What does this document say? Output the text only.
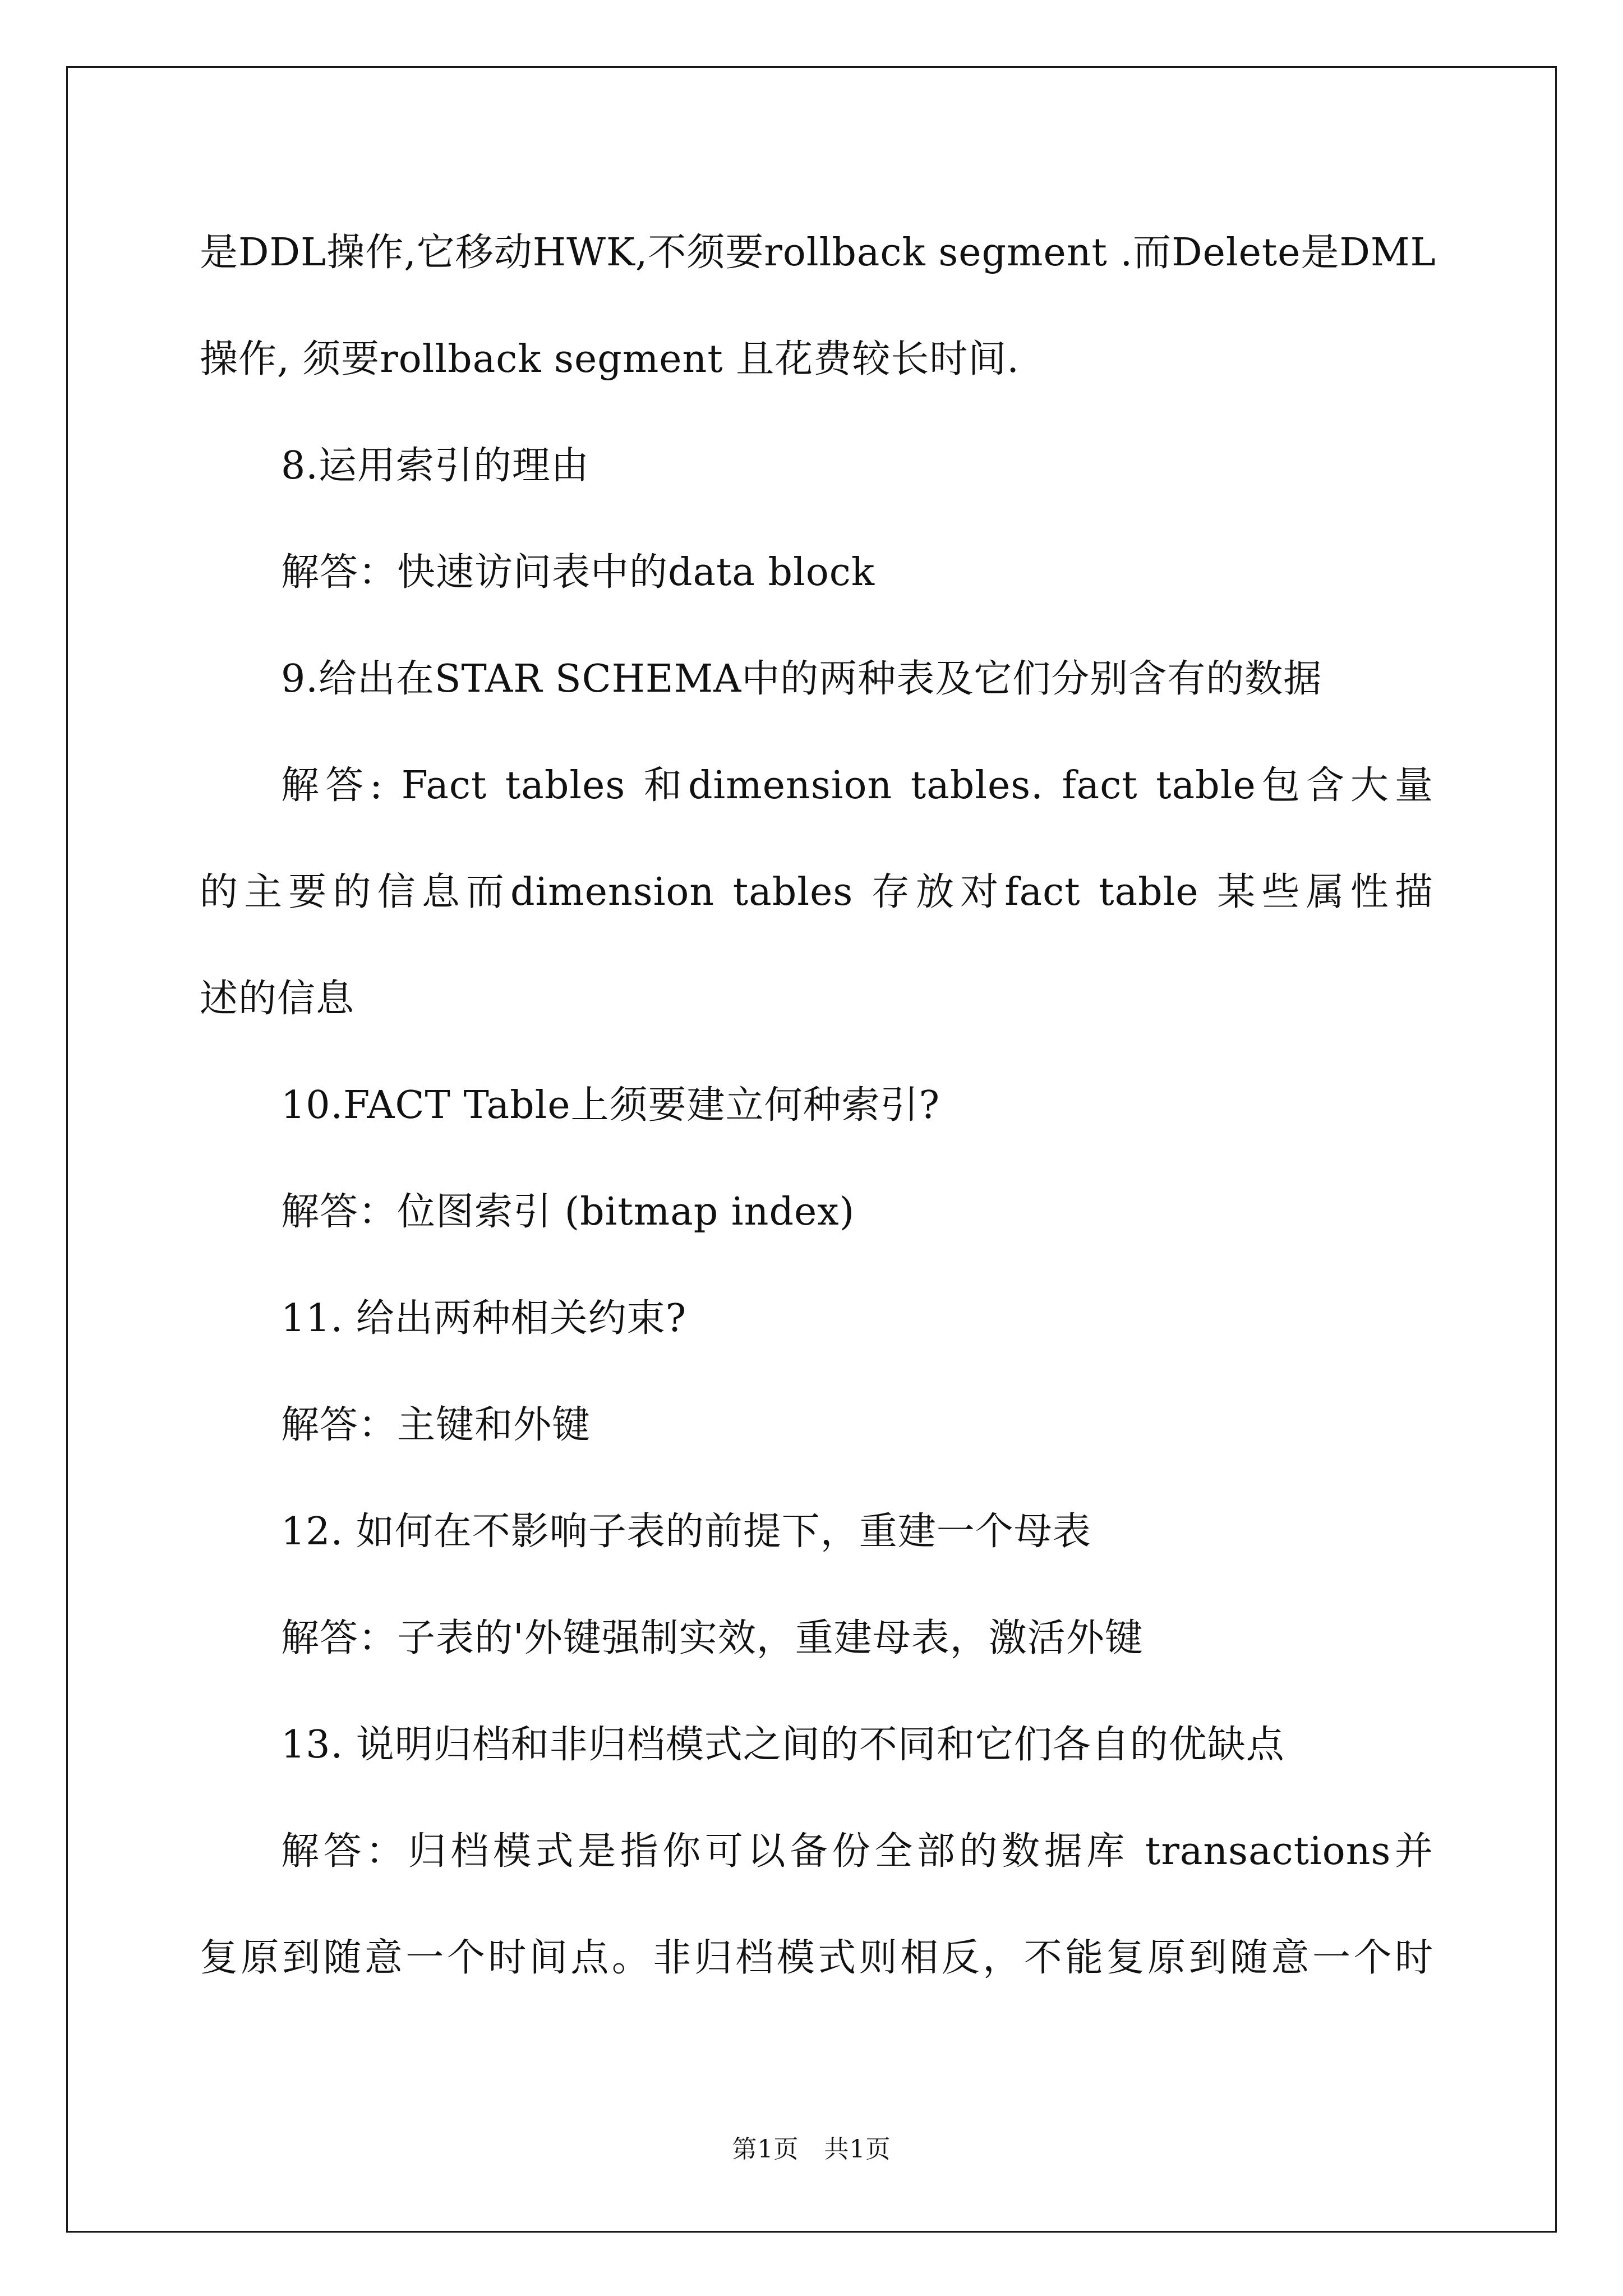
是DDL操作,它移动HWK,不须要rollback segment .而Delete是DML
操作, 须要rollback segment 且花费较长时间.
8.运用索引的理由
解答：快速访问表中的data block
9.给出在STAR SCHEMA中的两种表及它们分别含有的数据
解答: Fact tables 和dimension tables. fact table包含大量
的主要的信息而dimension tables 存放对fact table 某些属性描
述的信息
10.FACT Table上须要建立何种索引?
解答：位图索引 (bitmap index)
11. 给出两种相关约束?
解答：主键和外键
12. 如何在不影响子表的前提下，重建一个母表
解答：子表的'外键强制实效，重建母表，激活外键
13. 说明归档和非归档模式之间的不同和它们各自的优缺点
解答：归档模式是指你可以备份全部的数据库 transactions并
复原到随意一个时间点。非归档模式则相反，不能复原到随意一个时
第1页　共1页
